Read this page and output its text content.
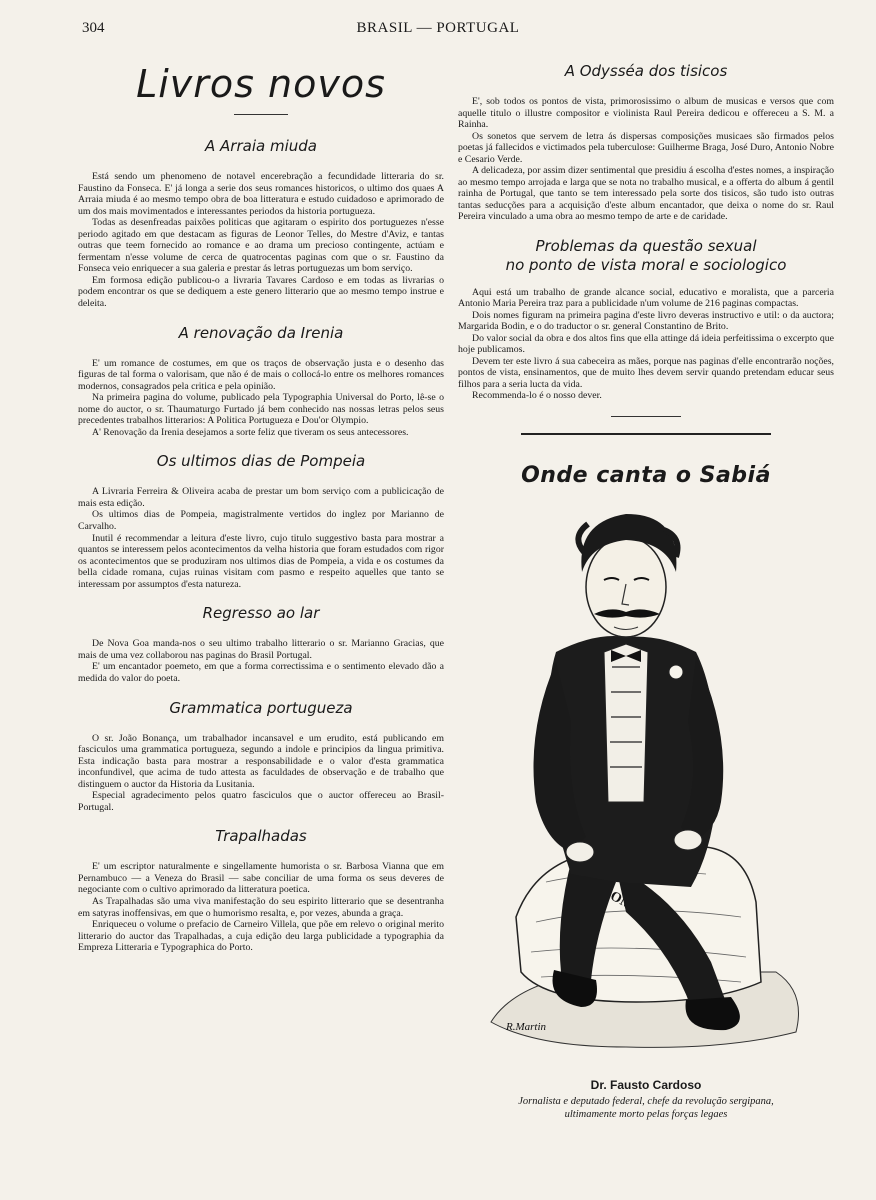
304	BRASIL — PORTUGAL
Livros novos
A Arraia miuda

Está sendo um phenomeno de notavel encerebração a fecundidade litteraria do sr. Faustino da Fonseca. E' já longa a serie dos seus romances historicos, o ultimo dos quaes A Arraia miuda é ao mesmo tempo obra de boa litteratura e estudo cuidadoso e aprimorado de um dos mais movimentados e interessantes periodos da historia portugueza.

Todas as desenfreadas paixões politicas que agitaram o espirito dos portuguezes n'esse periodo agitado em que destacam as figuras de Leonor Telles, do Mestre d'Aviz, e tantas outras que teem fornecido ao romance e ao drama um precioso contingente, actúam e fermentam n'esse volume de cerca de quatrocentas paginas com que o sr. Faustino da Fonseca veio enriquecer a sua galeria e prestar ás letras portuguezas um bom serviço.

Em formosa edição publicou-o a livraria Tavares Cardoso e em todas as livrarias o podem encontrar os que se dediquem a este genero litterario que ao mesmo tempo instrue e deleita.

A renovação da Irenia

E' um romance de costumes, em que os traços de observação justa e o desenho das figuras de tal forma o valorisam, que não é de mais o collocá-lo entre os melhores romances modernos, consagrados pela critica e pela opinião.

Na primeira pagina do volume, publicado pela Typographia Universal do Porto, lê-se o nome do auctor, o sr. Thaumaturgo Furtado já bem conhecido nas nossas letras pelos seus precedentes trabalhos litterarios: A Politica Portugueza e Dou'or Olympio.

A' Renovação da Irenia desejamos a sorte feliz que tiveram os seus antecessores.

Os ultimos dias de Pompeia

A Livraria Ferreira & Oliveira acaba de prestar um bom serviço com a publicicação de mais esta edição.

Os ultimos dias de Pompeia, magistralmente vertidos do inglez por Marianno de Carvalho.

Inutil é recommendar a leitura d'este livro, cujo titulo suggestivo basta para mostrar a quantos se interessem pelos acontecimentos da velha historia que foram estudados com rigor os acontecimentos que se produziram nos ultimos dias de Pompeia, a vida e os costumes da bella cidade romana, cujas ruinas visitam com pasmo e respeito aquelles que tanto se interessam por assumptos d'esta natureza.

Regresso ao lar

De Nova Goa manda-nos o seu ultimo trabalho litterario o sr. Marianno Gracias, que mais de uma vez collaborou nas paginas do Brasil Portugal.

E' um encantador poemeto, em que a forma correctissima e o sentimento elevado dão a medida do valor do poeta.

Grammatica portugueza

O sr. João Bonança, um trabalhador incansavel e um erudito, está publicando em fasciculos uma grammatica portugueza, segundo a indole e principios da lingua primitiva. Esta indicação basta para mostrar a responsabilidade e o valor d'esta grammatica inconfundivel, que acima de tudo attesta as faculdades de observação e de trabalho que distinguem o auctor da Historia da Lusitania.

Especial agradecimento pelos quatro fasciculos que o auctor offereceu ao Brasil-Portugal.

Trapalhadas

E' um escriptor naturalmente e singellamente humorista o sr. Barbosa Vianna que em Pernambuco — a Veneza do Brasil — sabe conciliar de uma forma os seus deveres de negociante com o cultivo aprimorado da litteratura poetica.

As Trapalhadas são uma viva manifestação do seu espirito litterario que se desentranha em satyras inoffensivas, em que o humorismo resalta, e, por vezes, abunda a graça.

Enriqueceu o volume o prefacio de Carneiro Villela, que põe em relevo o original merito litterario do auctor das Trapalhadas, a cuja edição deu larga publicidade a typographia da Empreza Litteraria e Typographica do Porto.

A Odysséa dos tisicos

E', sob todos os pontos de vista, primorosissimo o album de musicas e versos que com aquelle titulo o illustre compositor e violinista Raul Pereira dedicou e offereceu a S. M. a Rainha.

Os sonetos que servem de letra ás dispersas composições musicaes são firmados pelos poetas já fallecidos e victimados pela tuberculose: Guilherme Braga, José Duro, Antonio Nobre e Cesario Verde.

A delicadeza, por assim dizer sentimental que presidiu á escolha d'estes nomes, a inspiração ao mesmo tempo arrojada e larga que se nota no trabalho musical, e a offerta do album á gentil rainha de Portugal, que tanto se tem interessado pela sorte dos tisicos, são tudo isto outras tantas seducções para a acquisição d'este album encantador, que deixa o nome do sr. Raul Pereira vinculado a uma obra ao mesmo tempo de arte e de caridade.

Problemas da questão sexual
no ponto de vista moral e sociologico

Aqui está um trabalho de grande alcance social, educativo e moralista, que a parceria Antonio Maria Pereira traz para a publicidade n'um volume de 216 paginas compactas.

Dois nomes figuram na primeira pagina d'este livro deveras instructivo e util: o da auctora; Margarida Bodin, e o do traductor o sr. general Constantino de Brito.

Do valor social da obra e dos altos fins que ella attinge dá ideia perfeitissima o excerpto que hoje publicamos.

Devem ter este livro á sua cabeceira as mães, porque nas paginas d'elle encontrarão noções, pontos de vista, ensinamentos, que de muito lhes devem servir quando pretendam educar seus filhos para a seria lucta da vida.

Recommenda-lo é o nosso dever.

Onde canta o Sabiá
R.Martin
Dr. Fausto Cardoso
Jornalista e deputado federal, chefe da revolução sergipana,
ultimamente morto pelas forças legaes
